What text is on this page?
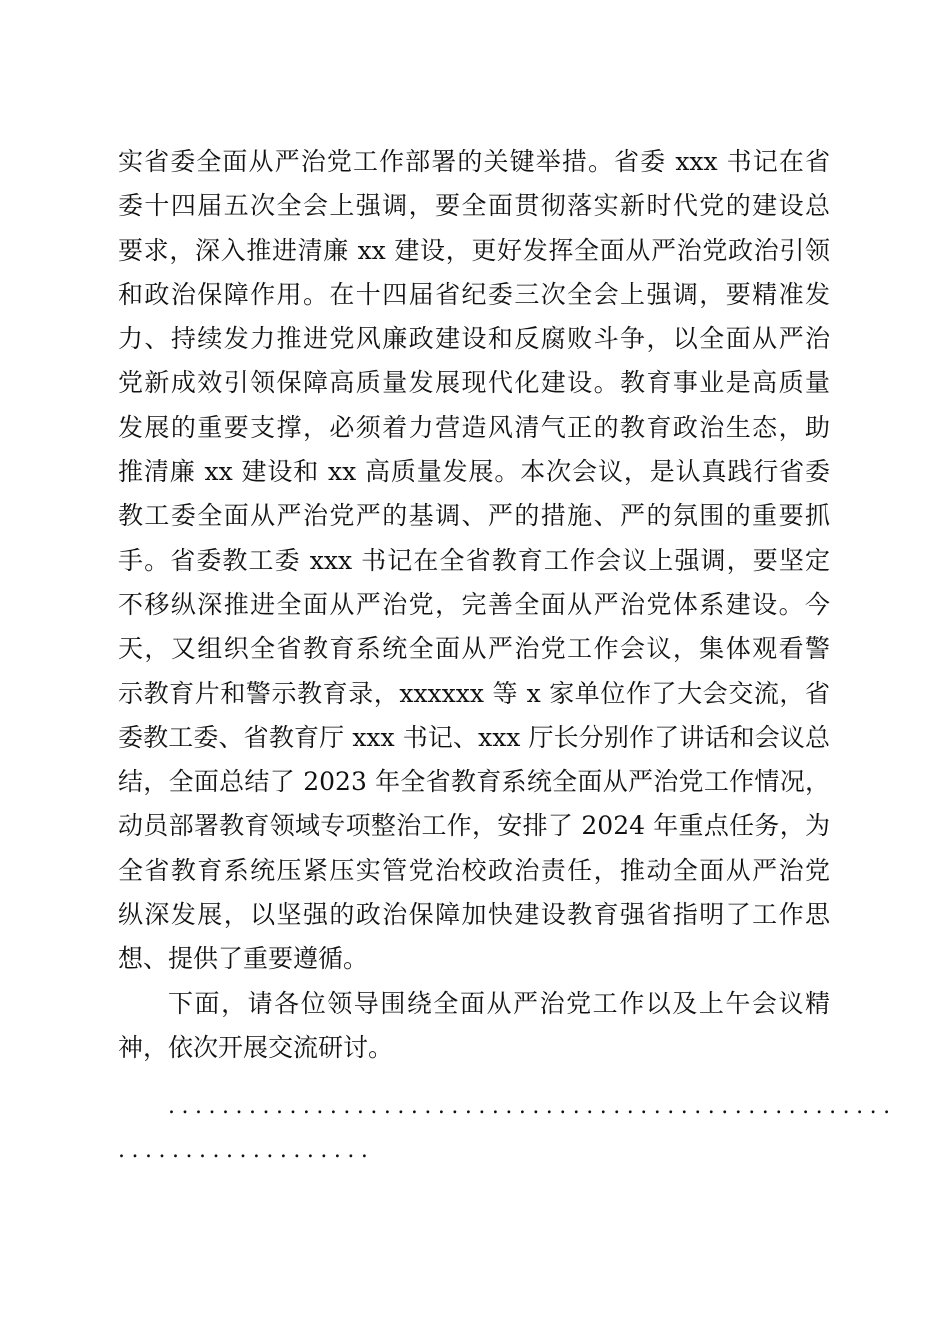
实省委全面从严治党工作部署的关键举措。省委 xxx 书记在省
委十四届五次全会上强调，要全面贯彻落实新时代党的建设总
要求，深入推进清廉 xx 建设，更好发挥全面从严治党政治引领
和政治保障作用。在十四届省纪委三次全会上强调，要精准发
力、持续发力推进党风廉政建设和反腐败斗争，以全面从严治
党新成效引领保障高质量发展现代化建设。教育事业是高质量
发展的重要支撑，必须着力营造风清气正的教育政治生态，助
推清廉 xx 建设和 xx 高质量发展。本次会议，是认真践行省委
教工委全面从严治党严的基调、严的措施、严的氛围的重要抓
手。省委教工委 xxx 书记在全省教育工作会议上强调，要坚定
不移纵深推进全面从严治党，完善全面从严治党体系建设。今
天，又组织全省教育系统全面从严治党工作会议，集体观看警
示教育片和警示教育录，xxxxxx 等 x 家单位作了大会交流，省
委教工委、省教育厅 xxx 书记、xxx 厅长分别作了讲话和会议总
结，全面总结了 2023 年全省教育系统全面从严治党工作情况，
动员部署教育领域专项整治工作，安排了 2024 年重点任务，为
全省教育系统压紧压实管党治校政治责任，推动全面从严治党
纵深发展，以坚强的政治保障加快建设教育强省指明了工作思
想、提供了重要遵循。
下面，请各位领导围绕全面从严治党工作以及上午会议精
神，依次开展交流研讨。
......................................................
...................
